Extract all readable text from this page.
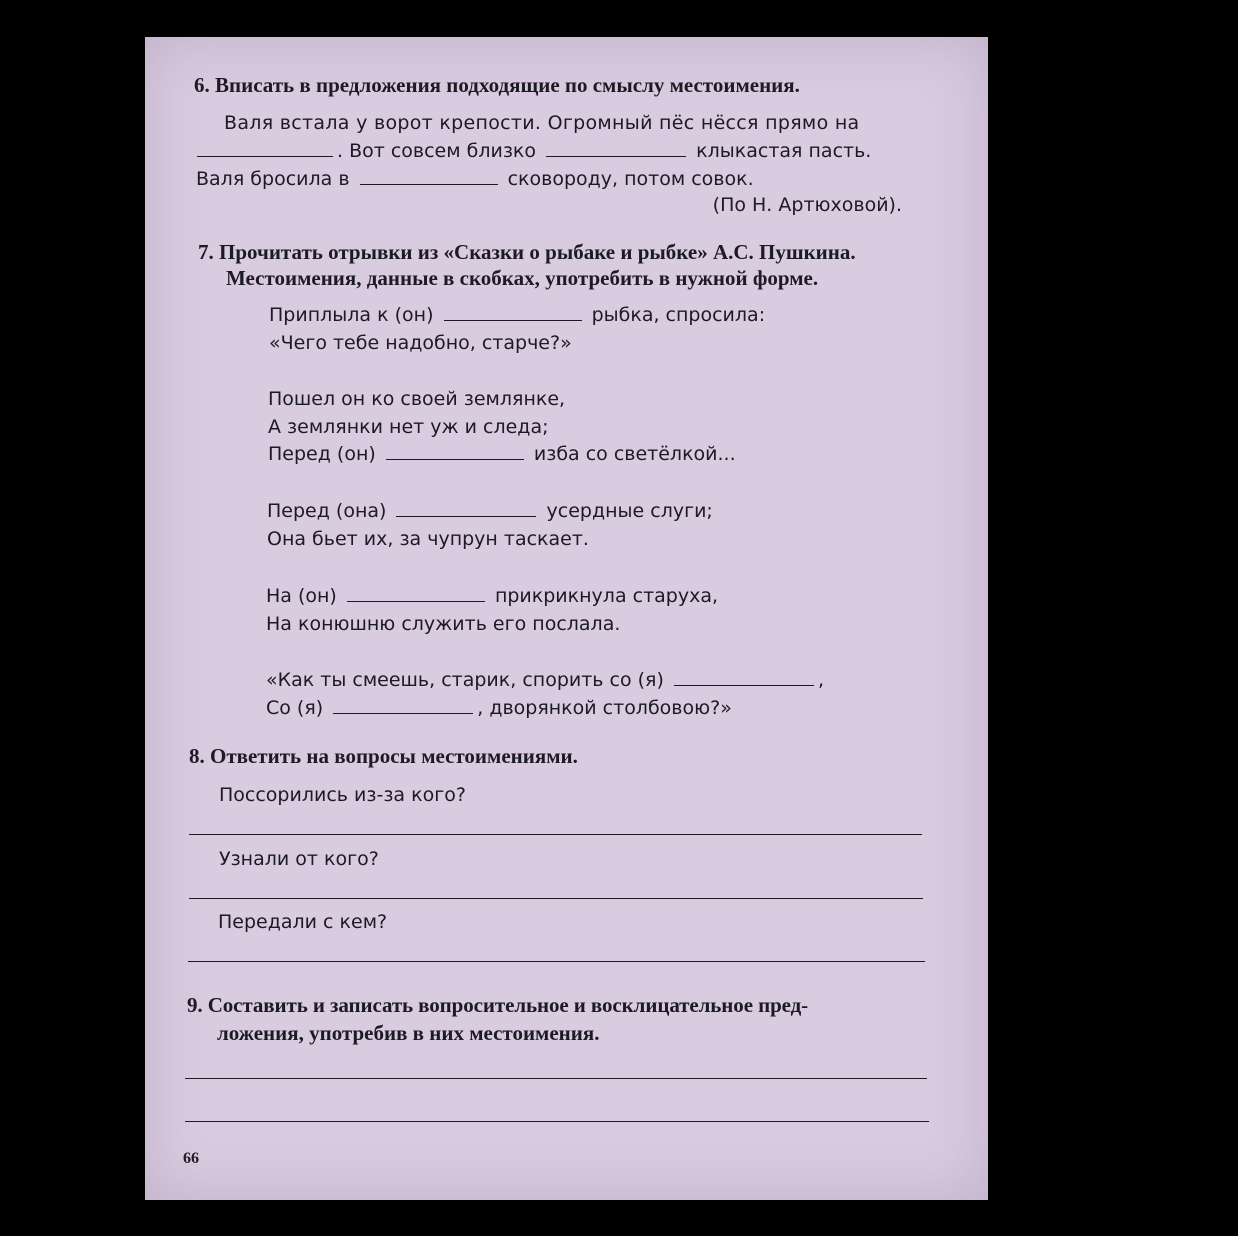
6. Вписать в предложения подходящие по смыслу местоимения.
Валя встала у ворот крепости. Огромный пёс нёсся прямо на
. Вот совсем близко	клыкастая пасть.
Валя бросила в	сковороду, потом совок.
(По Н. Артюховой).
7. Прочитать отрывки из «Сказки о рыбаке и рыбке» А.С. Пушкина.
Местоимения, данные в скобках, употребить в нужной форме.
Приплыла к (он)	рыбка, спросила:
«Чего тебе надобно, старче?»
Пошел он ко своей землянке,
А землянки нет уж и следа;
Перед (он)	изба со светёлкой...
Перед (она)	усердные слуги;
Она бьет их, за чупрун таскает.
На (он)	прикрикнула старуха,
На конюшню служить его послала.
«Как ты смеешь, старик, спорить со (я)	,
Со (я)	, дворянкой столбовою?»
8. Ответить на вопросы местоимениями.
Поссорились из-за кого?
Узнали от кого?
Передали с кем?
9. Составить и записать вопросительное и восклицательное пред-
ложения, употребив в них местоимения.
66
